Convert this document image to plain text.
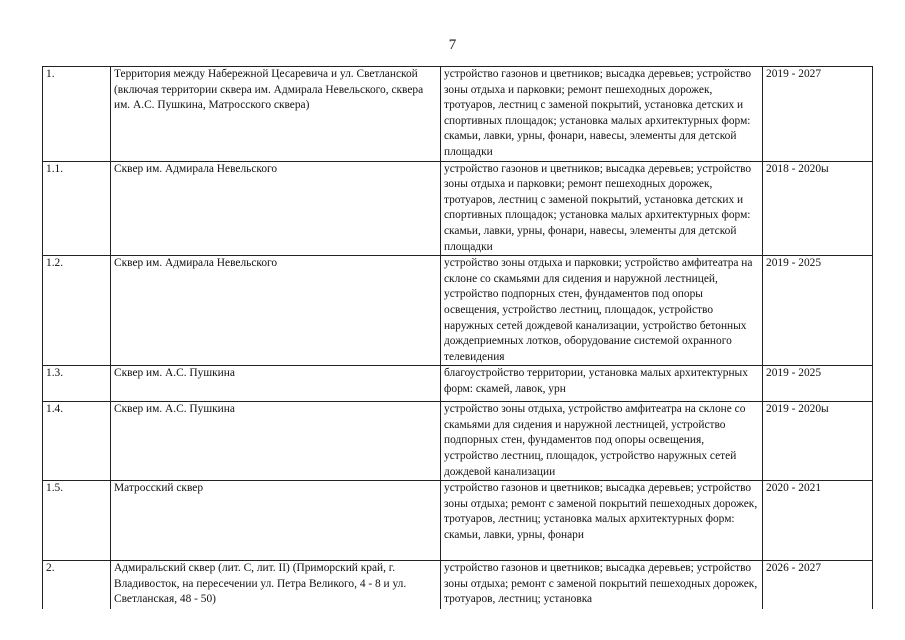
7
1.	Территория между Набережной Цесаревича и ул. Светланской (включая территории сквера им. Адмирала Невельского, сквера им. А.С. Пушкина, Матросского сквера)	устройство газонов и цветников; высадка деревьев; устройство зоны отдыха и парковки; ремонт пешеходных дорожек, тротуаров, лестниц с заменой покрытий, установка детских и спортивных площадок; установка малых архитектурных форм: скамьи, лавки, урны, фонари, навесы, элементы для детской площадки	2019 - 2027
1.1.	Сквер им. Адмирала Невельского	устройство газонов и цветников; высадка деревьев; устройство зоны отдыха и парковки; ремонт пешеходных дорожек, тротуаров, лестниц с заменой покрытий, установка детских и спортивных площадок; установка малых архитектурных форм: скамьи, лавки, урны, фонари, навесы, элементы для детской площадки	2018 - 2020ы
1.2.	Сквер им. Адмирала Невельского	устройство зоны отдыха и парковки; устройство амфитеатра на склоне со скамьями для сидения и наружной лестницей, устройство подпорных стен, фундаментов под опоры освещения, устройство лестниц, площадок, устройство наружных сетей дождевой канализации, устройство бетонных дождеприемных лотков, оборудование системой охранного телевидения	2019 - 2025
1.3.	Сквер им. А.С. Пушкина	благоустройство территории, установка малых архитектурных форм: скамей, лавок, урн	2019 - 2025
1.4.	Сквер им. А.С. Пушкина	устройство зоны отдыха, устройство амфитеатра на склоне со скамьями для сидения и наружной лестницей, устройство подпорных стен, фундаментов под опоры освещения, устройство лестниц, площадок, устройство наружных сетей дождевой канализации	2019 - 2020ы
1.5.	Матросский сквер	устройство газонов и цветников; высадка деревьев; устройство зоны отдыха; ремонт с заменой покрытий пешеходных дорожек, тротуаров, лестниц; установка малых архитектурных форм: скамьи, лавки, урны, фонари	2020 - 2021
2.	Адмиральский сквер (лит. С, лит. II) (Приморский край, г. Владивосток, на пересечении ул. Петра Великого, 4 - 8 и ул. Светланская, 48 - 50)	устройство газонов и цветников; высадка деревьев; устройство зоны отдыха; ремонт с заменой покрытий пешеходных дорожек, тротуаров, лестниц; установка	2026 - 2027
